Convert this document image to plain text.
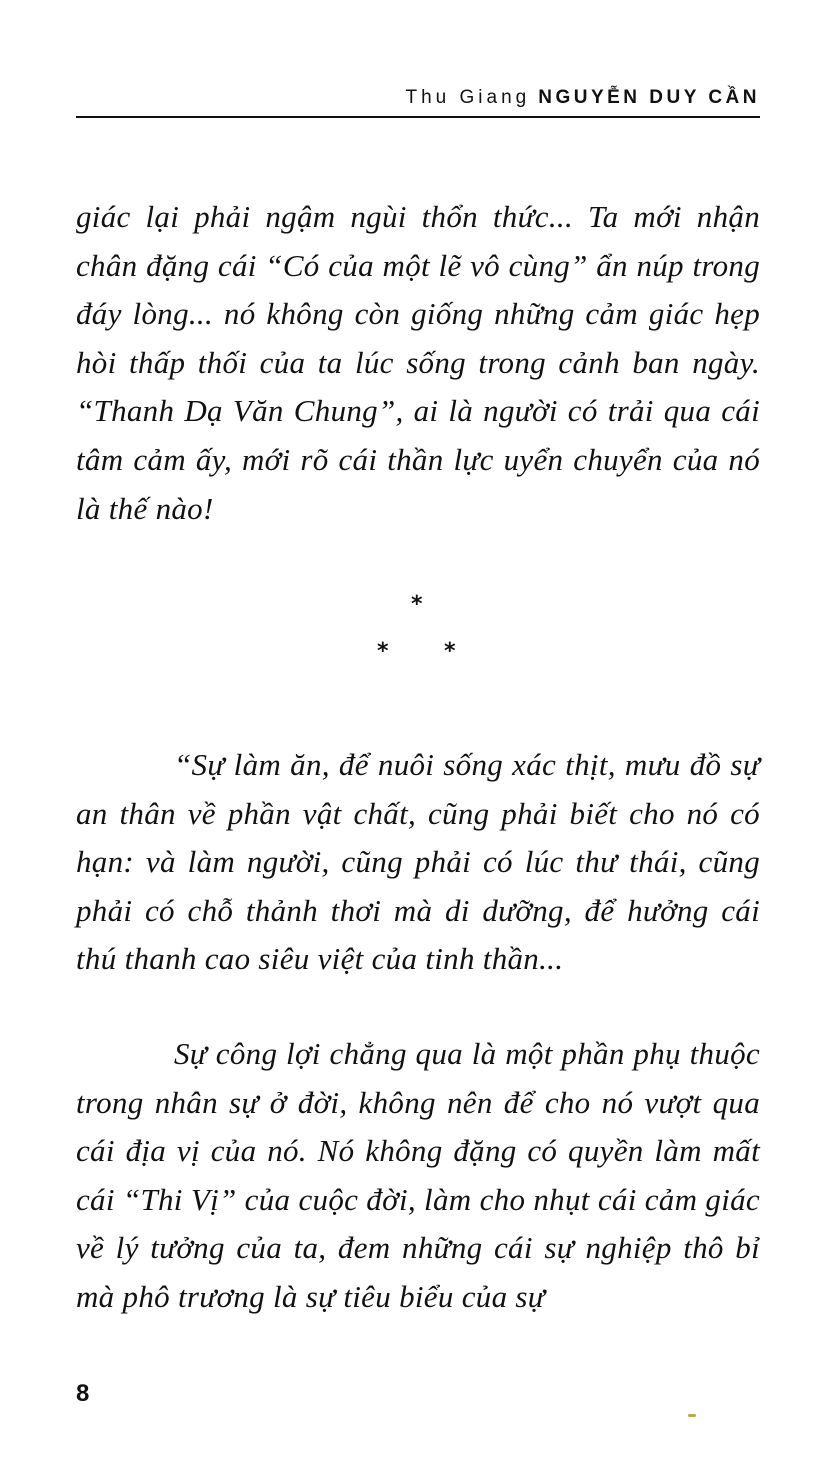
Thu Giang NGUYỄN DUY CẦN

giác lại phải ngậm ngùi thổn thức... Ta mới nhận chân đặng cái “Có của một lẽ vô cùng” ẩn núp trong đáy lòng... nó không còn giống những cảm giác hẹp hòi thấp thối của ta lúc sống trong cảnh ban ngày. “Thanh Dạ Văn Chung”, ai là người có trải qua cái tâm cảm ấy, mới rõ cái thần lực uyển chuyển của nó là thế nào!

*
*	*

“Sự làm ăn, để nuôi sống xác thịt, mưu đồ sự an thân về phần vật chất, cũng phải biết cho nó có hạn: và làm người, cũng phải có lúc thư thái, cũng phải có chỗ thảnh thơi mà di dưỡng, để hưởng cái thú thanh cao siêu việt của tinh thần...

Sự công lợi chẳng qua là một phần phụ thuộc trong nhân sự ở đời, không nên để cho nó vượt qua cái địa vị của nó. Nó không đặng có quyền làm mất cái “Thi Vị” của cuộc đời, làm cho nhụt cái cảm giác về lý tưởng của ta, đem những cái sự nghiệp thô bỉ mà phô trương là sự tiêu biểu của sự

8
